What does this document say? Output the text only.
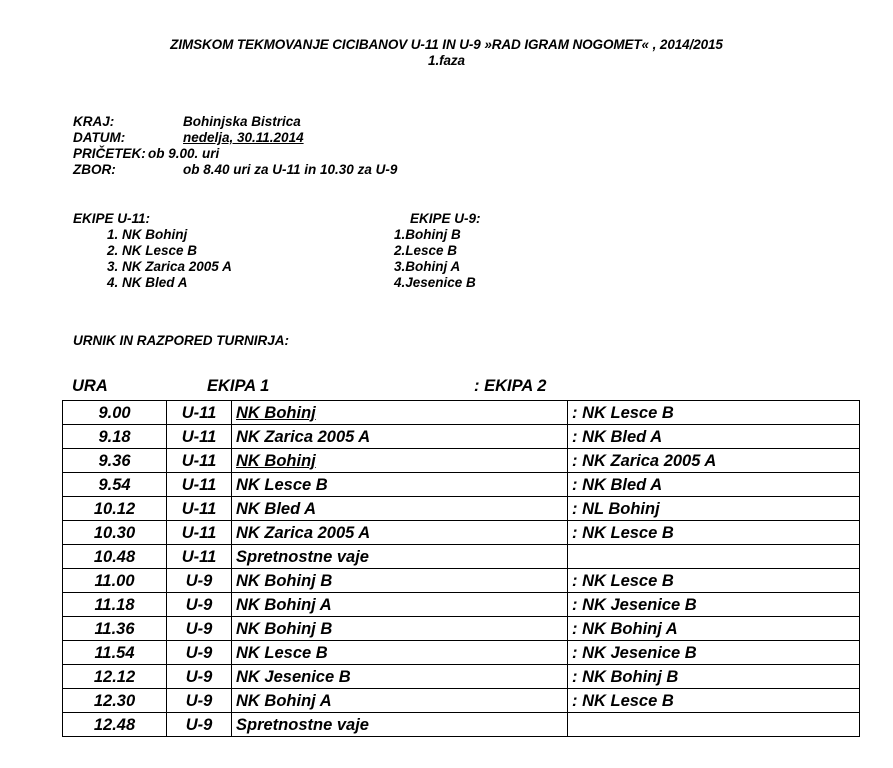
ZIMSKOM TEKMOVANJE CICIBANOV U-11 IN U-9 »RAD IGRAM NOGOMET« , 2014/2015
1.faza
KRAJ:	Bohinjska Bistrica
DATUM:	nedelja, 30.11.2014
PRIČETEK: ob 9.00. uri
ZBOR:	ob 8.40 uri za U-11 in 10.30 za U-9
EKIPE U-11:
1. NK Bohinj
2. NK Lesce B
3. NK Zarica 2005 A
4. NK Bled A
EKIPE U-9:
1.Bohinj B
2.Lesce B
3.Bohinj A
4.Jesenice B
URNIK IN RAZPORED TURNIRJA:
URA	EKIPA 1	: EKIPA 2
9.00	U-11	NK Bohinj	: NK Lesce B
9.18	U-11	NK Zarica 2005 A	: NK Bled A
9.36	U-11	NK Bohinj	: NK Zarica 2005 A
9.54	U-11	NK Lesce B	: NK Bled A
10.12	U-11	NK Bled A	: NL Bohinj
10.30	U-11	NK Zarica 2005 A	: NK Lesce B
10.48	U-11	Spretnostne vaje	
11.00	U-9	NK Bohinj B	: NK Lesce B
11.18	U-9	NK Bohinj A	: NK Jesenice B
11.36	U-9	NK Bohinj B	: NK Bohinj A
11.54	U-9	NK Lesce B	: NK Jesenice B
12.12	U-9	NK Jesenice B	: NK Bohinj B
12.30	U-9	NK Bohinj A	: NK Lesce B
12.48	U-9	Spretnostne vaje	
